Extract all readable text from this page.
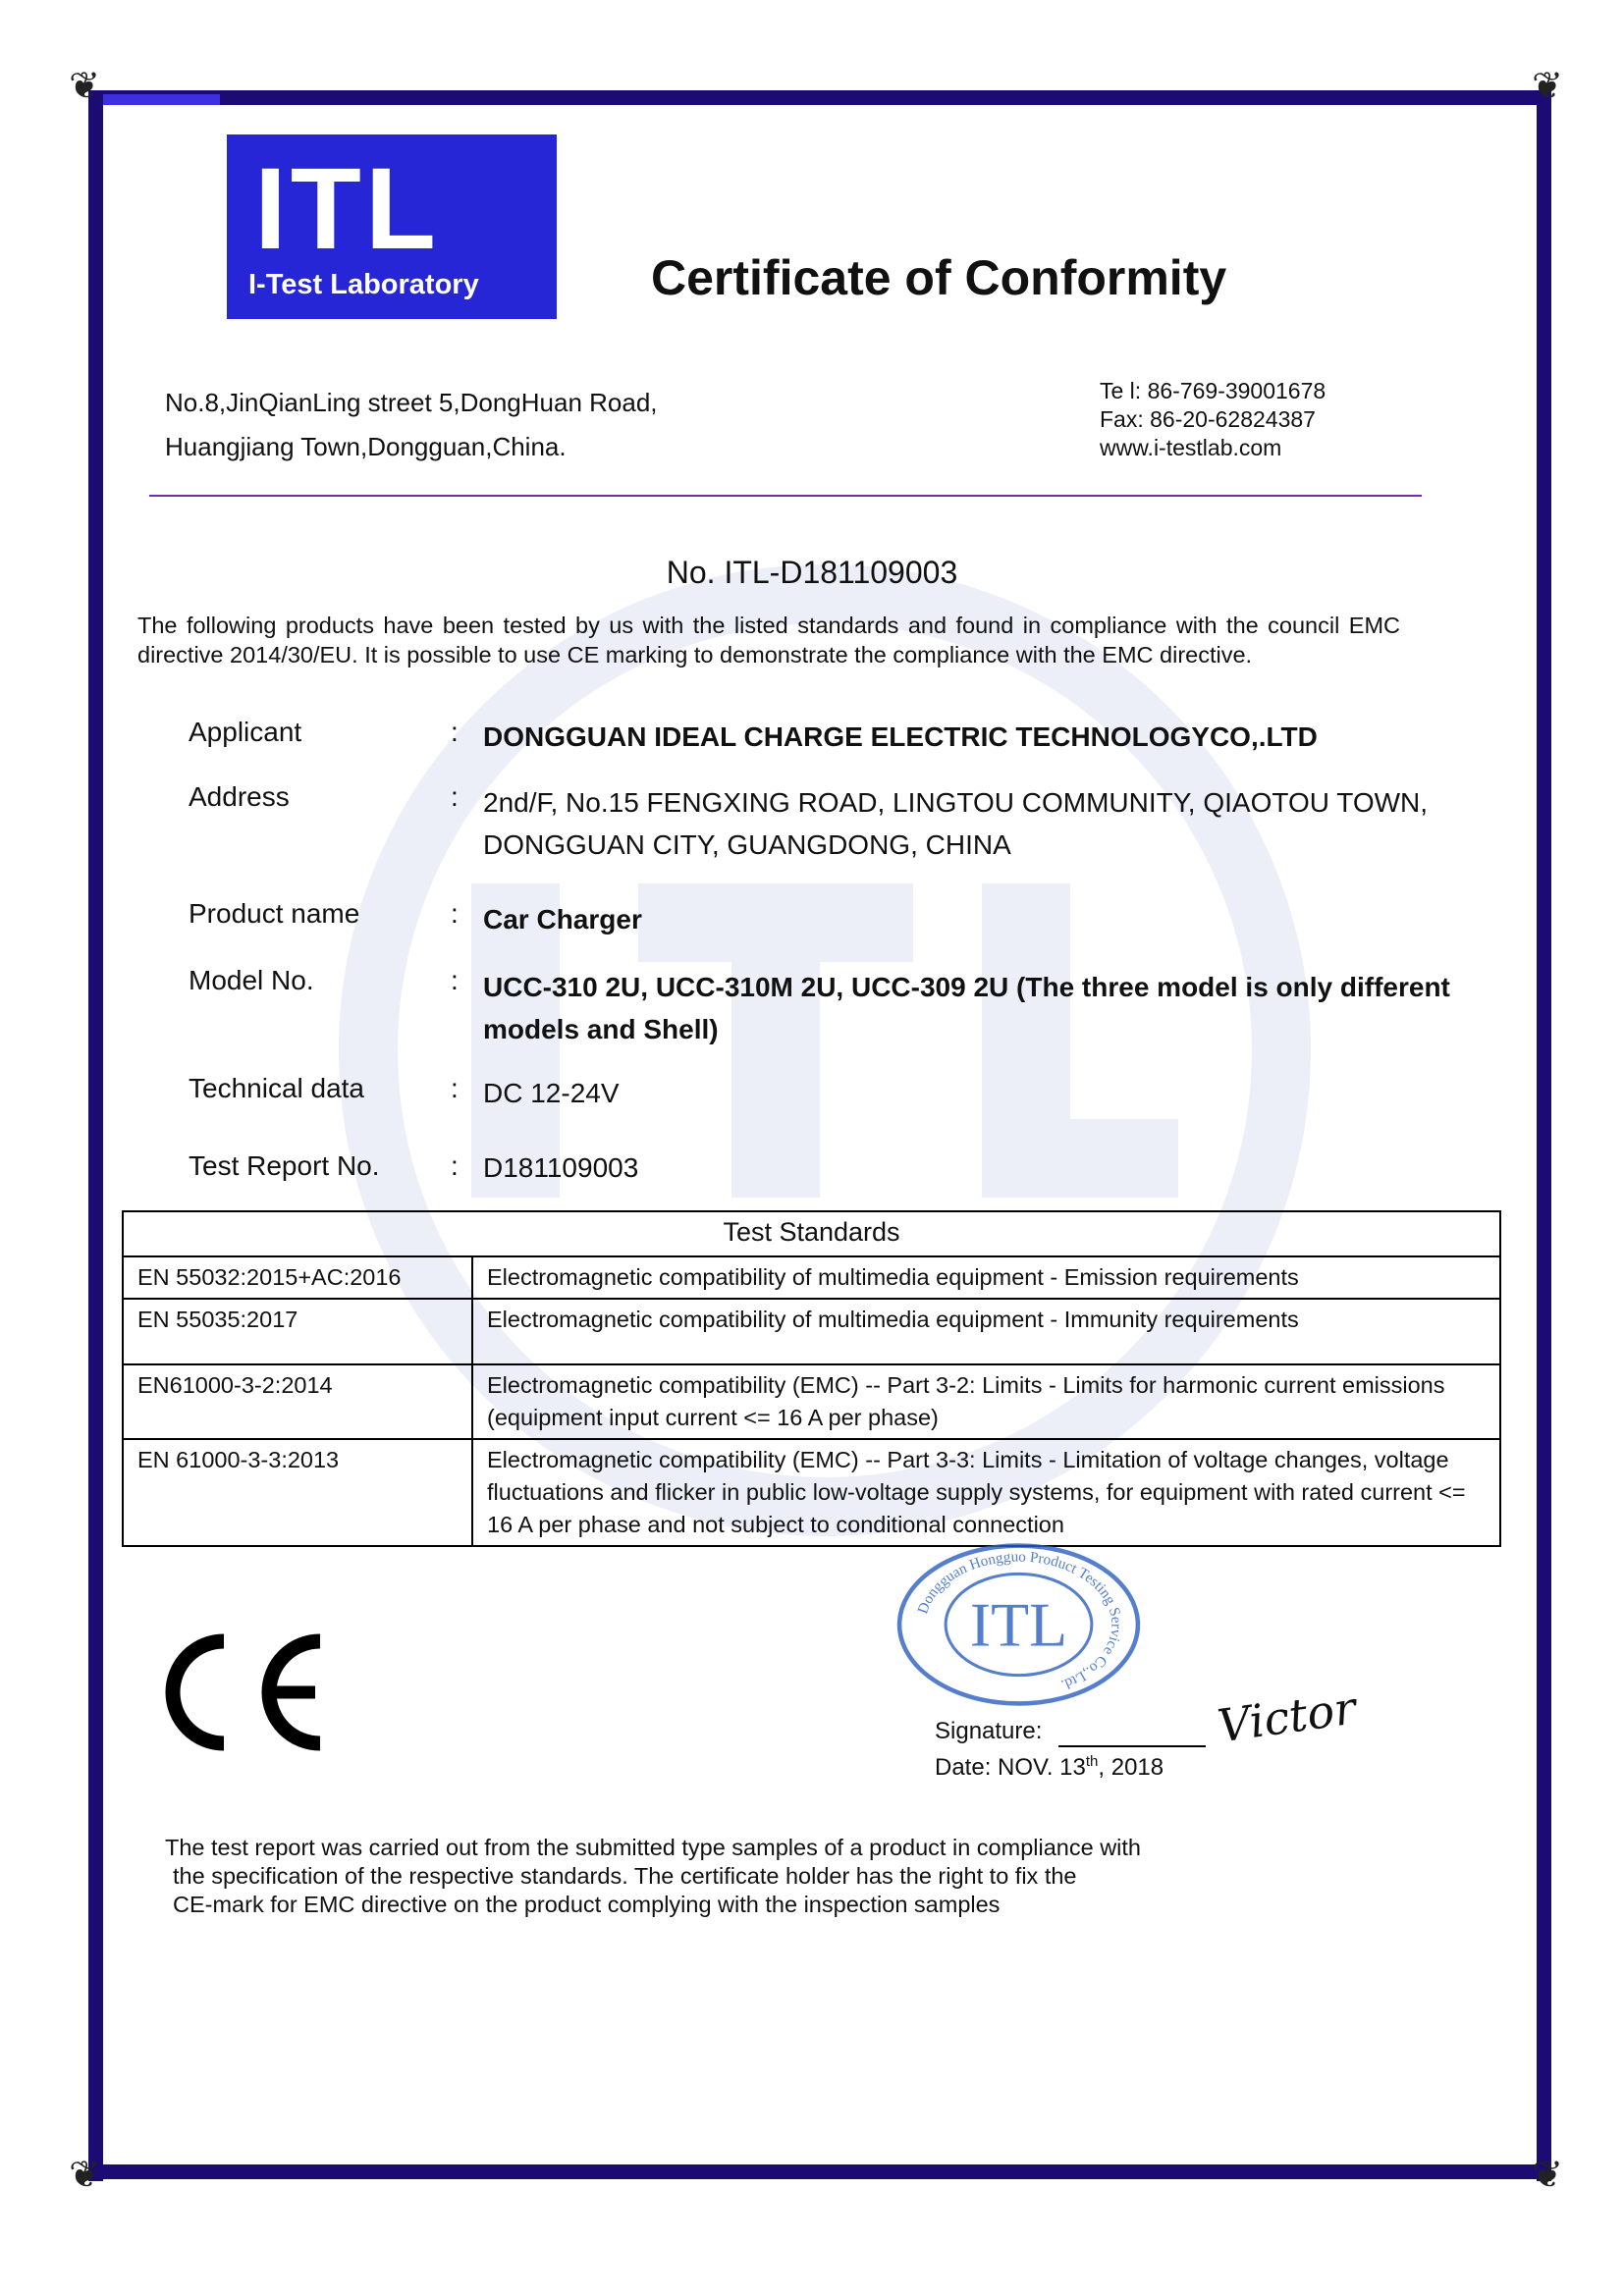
❦	❦
❦	❦
ITL
I-Test Laboratory	Certificate of Conformity
No.8,JinQianLing street 5,DongHuan Road,
Huangjiang Town,Dongguan,China.
Te l: 86-769-39001678
Fax: 86-20-62824387
www.i-testlab.com
No. ITL-D181109003
The following products have been tested by us with the listed standards and found in compliance with the council EMC directive 2014/30/EU. It is possible to use CE marking to demonstrate the compliance with the EMC directive.
Applicant	: DONGGUAN IDEAL CHARGE ELECTRIC TECHNOLOGYCO,.LTD
Address	: 2nd/F, No.15 FENGXING ROAD, LINGTOU COMMUNITY, QIAOTOU TOWN, DONGGUAN CITY, GUANGDONG, CHINA
Product name	: Car Charger
Model No.	: UCC-310 2U, UCC-310M 2U, UCC-309 2U (The three model is only different models and Shell)
Technical data	: DC 12-24V
Test Report No.	: D181109003
Test Standards	
EN 55032:2015+AC:2016	Electromagnetic compatibility of multimedia equipment - Emission requirements
EN 55035:2017	Electromagnetic compatibility of multimedia equipment - Immunity requirements
EN61000-3-2:2014	Electromagnetic compatibility (EMC) -- Part 3-2: Limits - Limits for harmonic current emissions (equipment input current <= 16 A per phase)
EN 61000-3-3:2013	Electromagnetic compatibility (EMC) -- Part 3-3: Limits - Limitation of voltage changes, voltage fluctuations and flicker in public low-voltage supply systems, for equipment with rated current <= 16 A per phase and not subject to conditional connection
Dongguan Hongguo Product Testing Service Co.,Ltd.
ITL
Signature:	Victor
Date: NOV. 13th, 2018
The test report was carried out from the submitted type samples of a product in compliance with
the specification of the respective standards. The certificate holder has the right to fix the
CE-mark for EMC directive on the product complying with the inspection samples
